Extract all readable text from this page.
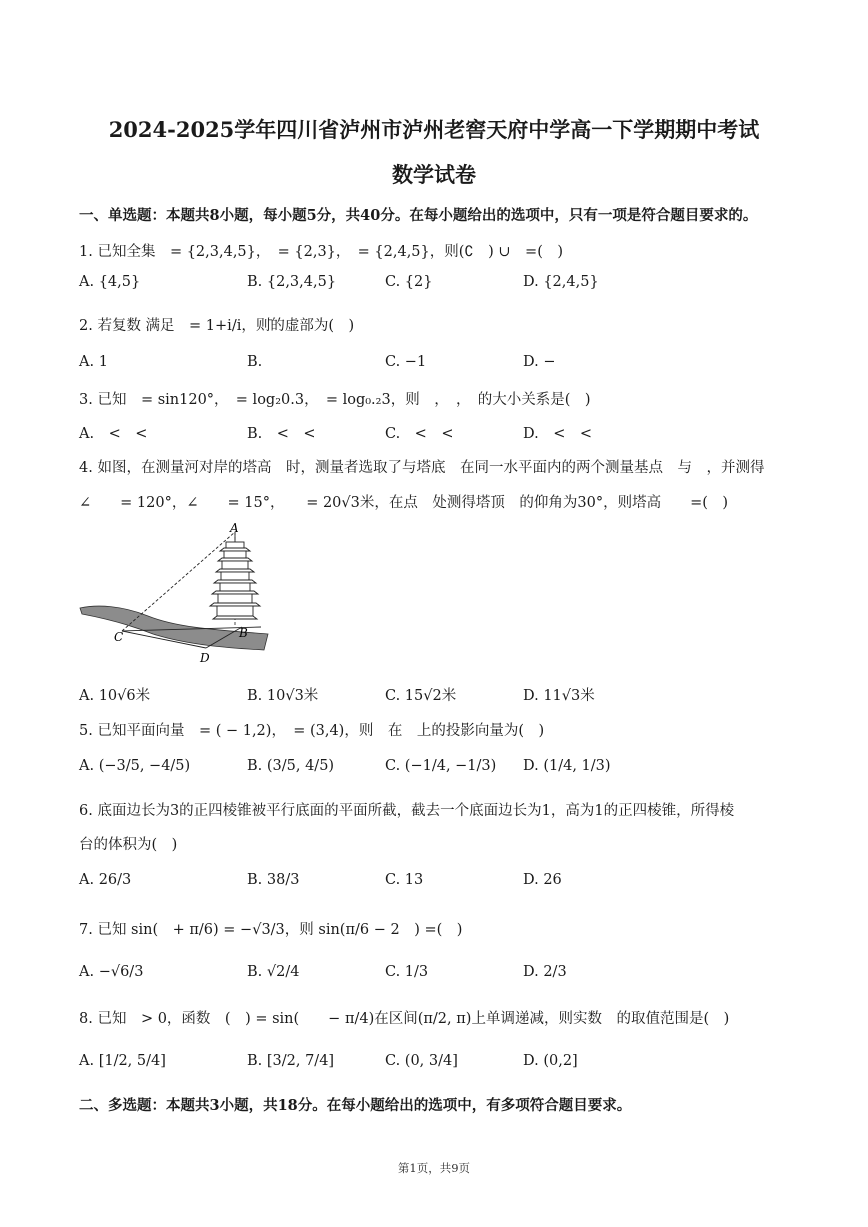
2024-2025学年四川省泸州市泸州老窖天府中学高一下学期期中考试
数学试卷
一、单选题：本题共8小题，每小题5分，共40分。在每小题给出的选项中，只有一项是符合题目要求的。
1. 已知全集　= {2,3,4,5}，　= {2,3}，　= {2,4,5}，则(∁　) ∪　=(　)
A. {4,5}	B. {2,3,4,5}	C. {2}	D. {2,4,5}
2. 若复数 满足　= 1+i/i，则̄的虚部为(　)
A. 1	B.	C. −1	D. −
3. 已知　= sin120°，　= log₂0.3，　= log₀.₂3，则　，　，　的大小关系是(　)
A.　<　<	B.　<　<	C.　<　<	D.　<　<
4. 如图，在测量河对岸的塔高　时，测量者选取了与塔底　在同一水平面内的两个测量基点　与　，并测得
∠　　= 120°，∠　　= 15°，　　= 20√3米，在点　处测得塔顶　的仰角为30°，则塔高　　=(　)
A
B
C
D
A. 10√6米	B. 10√3米	C. 15√2米	D. 11√3米
5. 已知平面向量　= ( − 1,2)，　= (3,4)，则　在　上的投影向量为(　)
A. (−3/5, −4/5)	B. (3/5, 4/5)	C. (−1/4, −1/3) D. (1/4, 1/3)
6. 底面边长为3的正四棱锥被平行底面的平面所截，截去一个底面边长为1，高为1的正四棱锥，所得棱
台的体积为(　)
A. 26/3	B. 38/3	C. 13	D. 26
7. 已知 sin(　+ π/6) = −√3/3，则 sin(π/6 − 2　) =(　)
A. −√6/3	B. √2/4	C. 1/3	D. 2/3
8. 已知　> 0，函数　(　) = sin(　　− π/4)在区间(π/2, π)上单调递减，则实数　的取值范围是(　)
A. [1/2, 5/4]	B. [3/2, 7/4]	C. (0, 3/4]	D. (0,2]
二、多选题：本题共3小题，共18分。在每小题给出的选项中，有多项符合题目要求。
第1页，共9页
